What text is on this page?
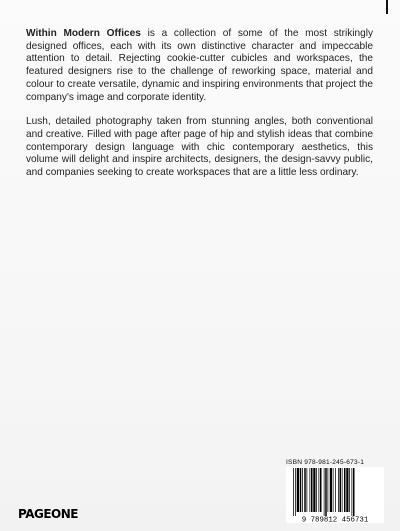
Within Modern Offices is a collection of some of the most strikingly designed offices, each with its own distinctive character and impeccable attention to detail. Rejecting cookie-cutter cubicles and workspaces, the featured designers rise to the challenge of reworking space, material and colour to create versatile, dynamic and inspiring environments that project the company's image and corporate identity.

Lush, detailed photography taken from stunning angles, both conventional and creative. Filled with page after page of hip and stylish ideas that combine contemporary design language with chic contemporary aesthetics, this volume will delight and inspire architects, designers, the design-savvy public, and companies seeking to create workspaces that are a little less ordinary.

ISBN 978-981-245-673-1
9 789812 456731
PAGEONE
